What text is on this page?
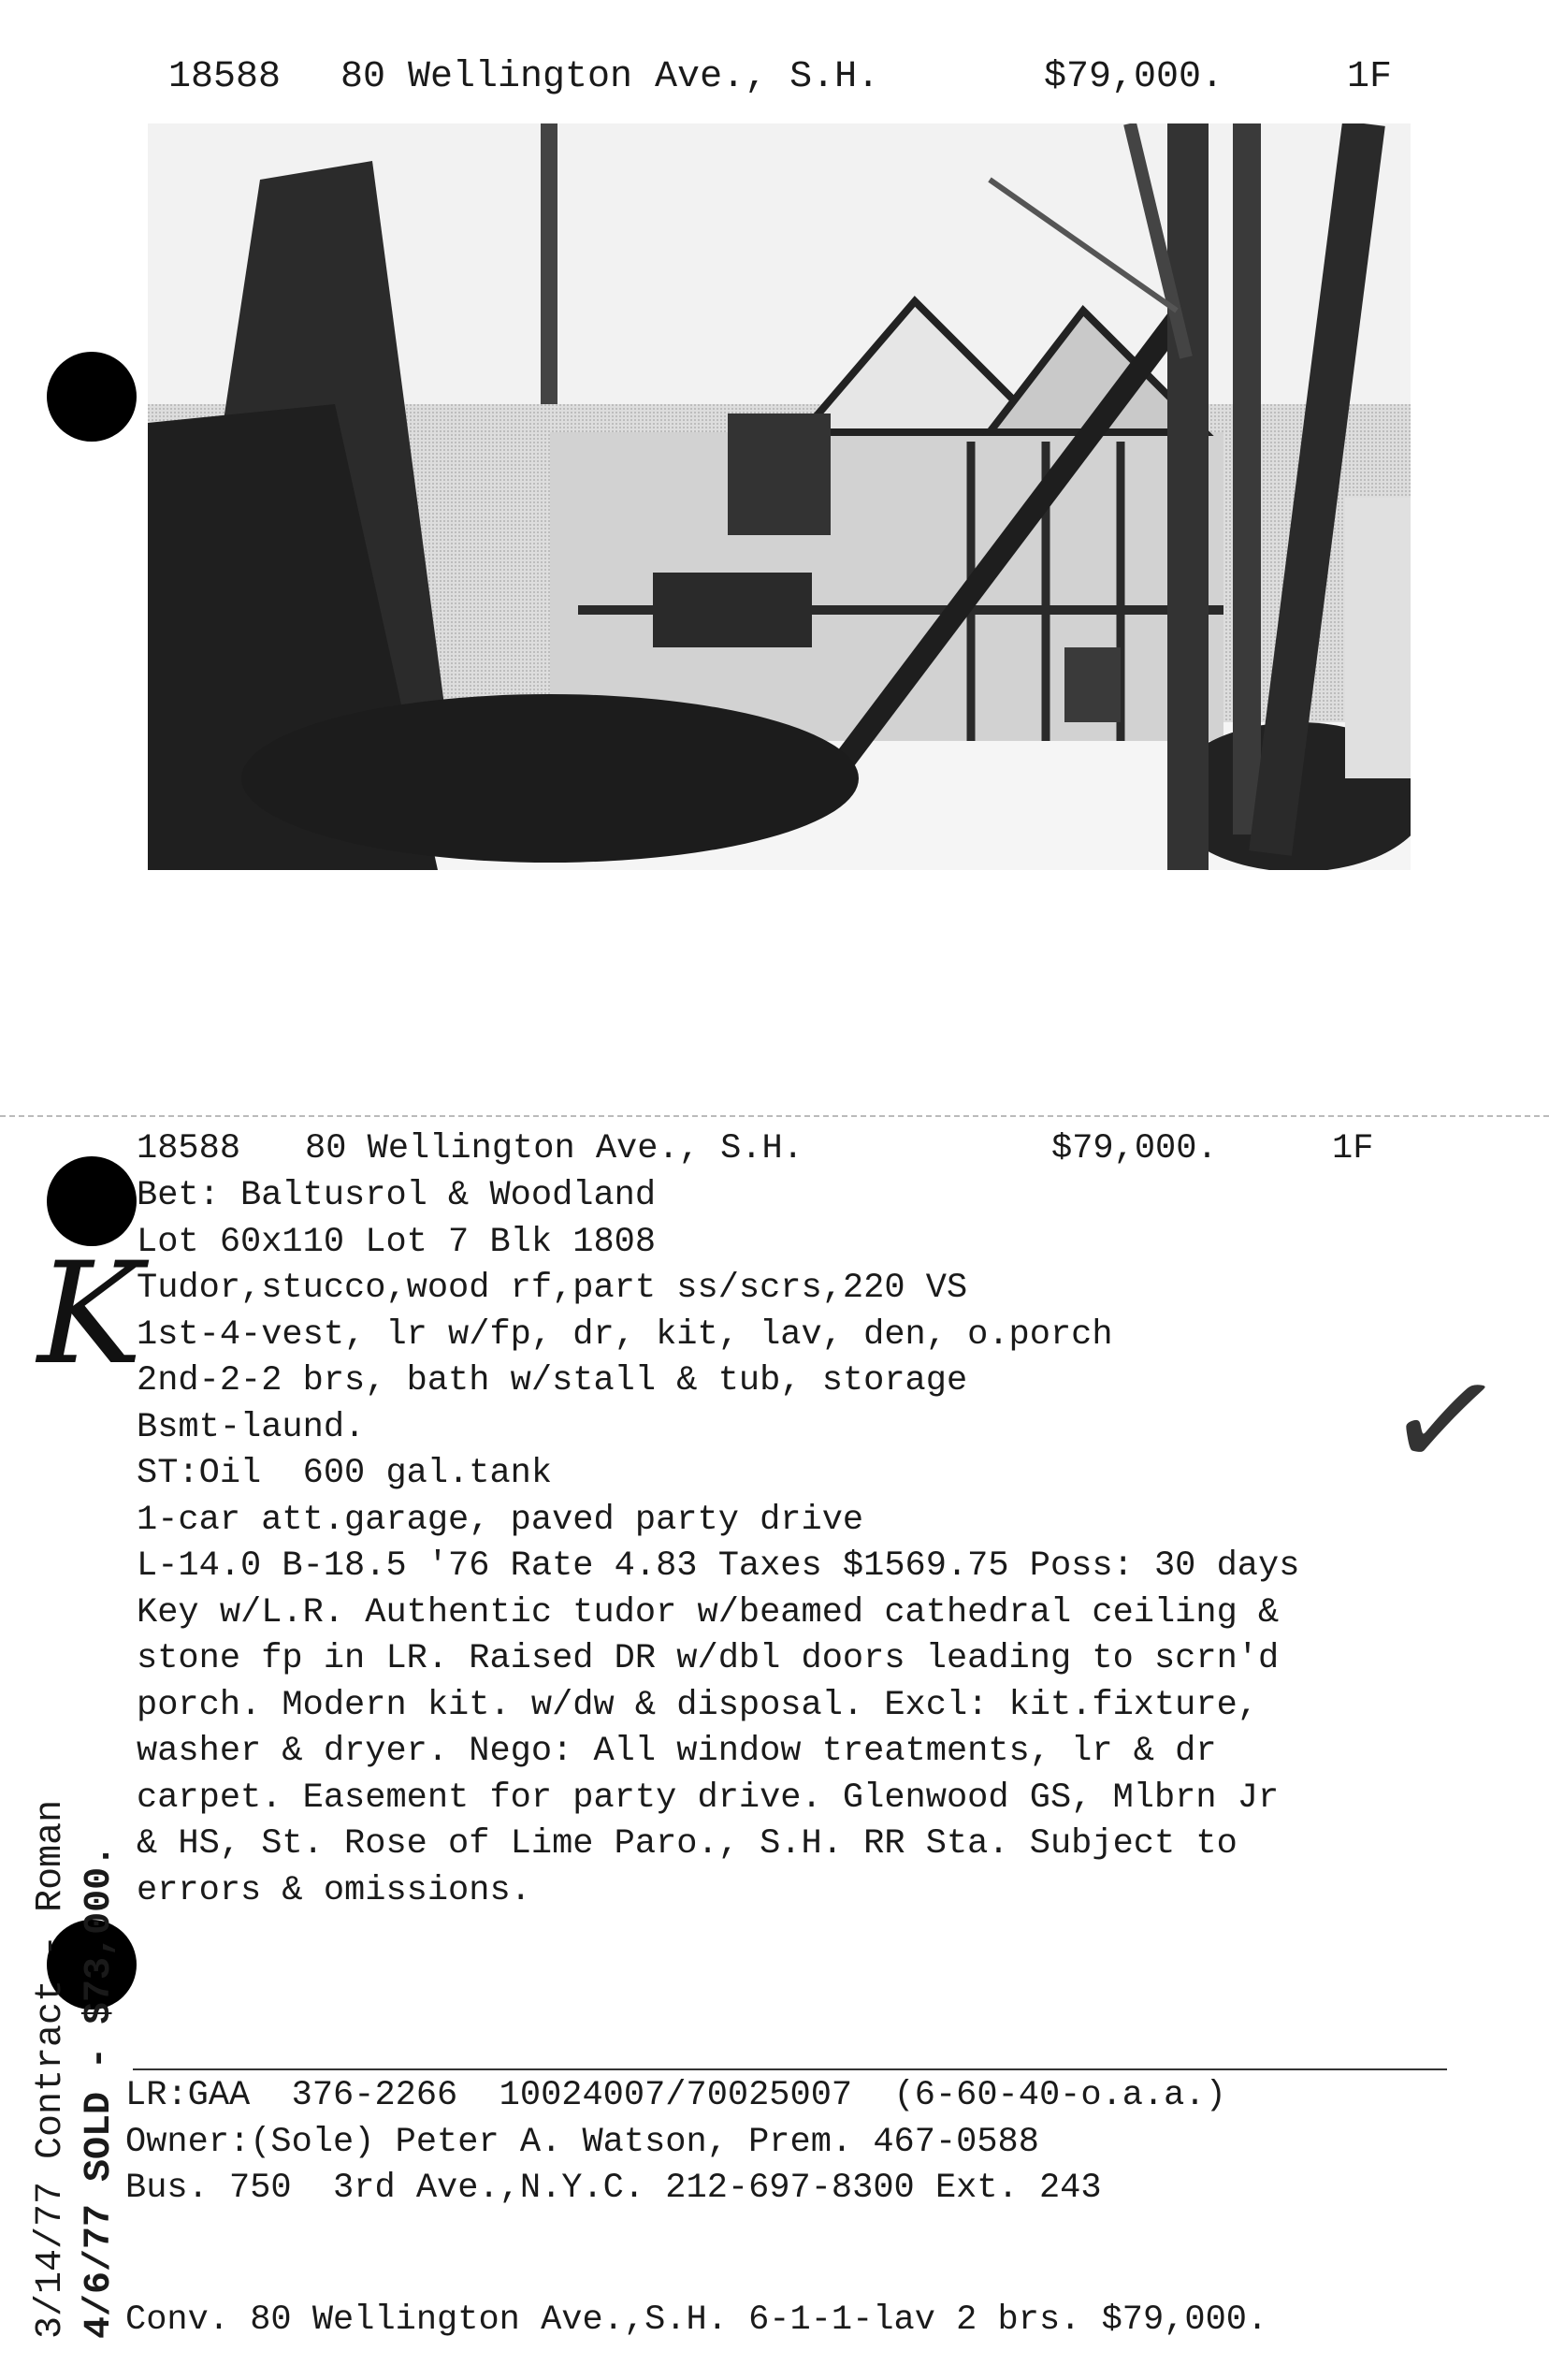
18588 80 Wellington Ave., S.H.	$79,000.	1F
18588 80 Wellington Ave., S.H.	$79,000.	1F
Bet: Baltusrol & Woodland
Lot 60x110 Lot 7 Blk 1808
Tudor,stucco,wood rf,part ss/scrs,220 VS
1st-4-vest, lr w/fp, dr, kit, lav, den, o.porch
2nd-2-2 brs, bath w/stall & tub, storage
Bsmt-laund.
ST:Oil  600 gal.tank
1-car att.garage, paved party drive
L-14.0 B-18.5 '76 Rate 4.83 Taxes $1569.75 Poss: 30 days
Key w/L.R. Authentic tudor w/beamed cathedral ceiling &
stone fp in LR. Raised DR w/dbl doors leading to scrn'd
porch. Modern kit. w/dw & disposal. Excl: kit.fixture,
washer & dryer. Nego: All window treatments, lr & dr
carpet. Easement for party drive. Glenwood GS, Mlbrn Jr
& HS, St. Rose of Lime Paro., S.H. RR Sta. Subject to
errors & omissions.
LR:GAA  376-2266  10024007/70025007  (6-60-40-o.a.a.)
Owner:(Sole) Peter A. Watson, Prem. 467-0588
Bus. 750  3rd Ave.,N.Y.C. 212-697-8300 Ext. 243
Conv. 80 Wellington Ave.,S.H. 6-1-1-lav 2 brs. $79,000.
3/14/77 Contract - Roman 4/6/77 SOLD - $73,000.
K
✓
